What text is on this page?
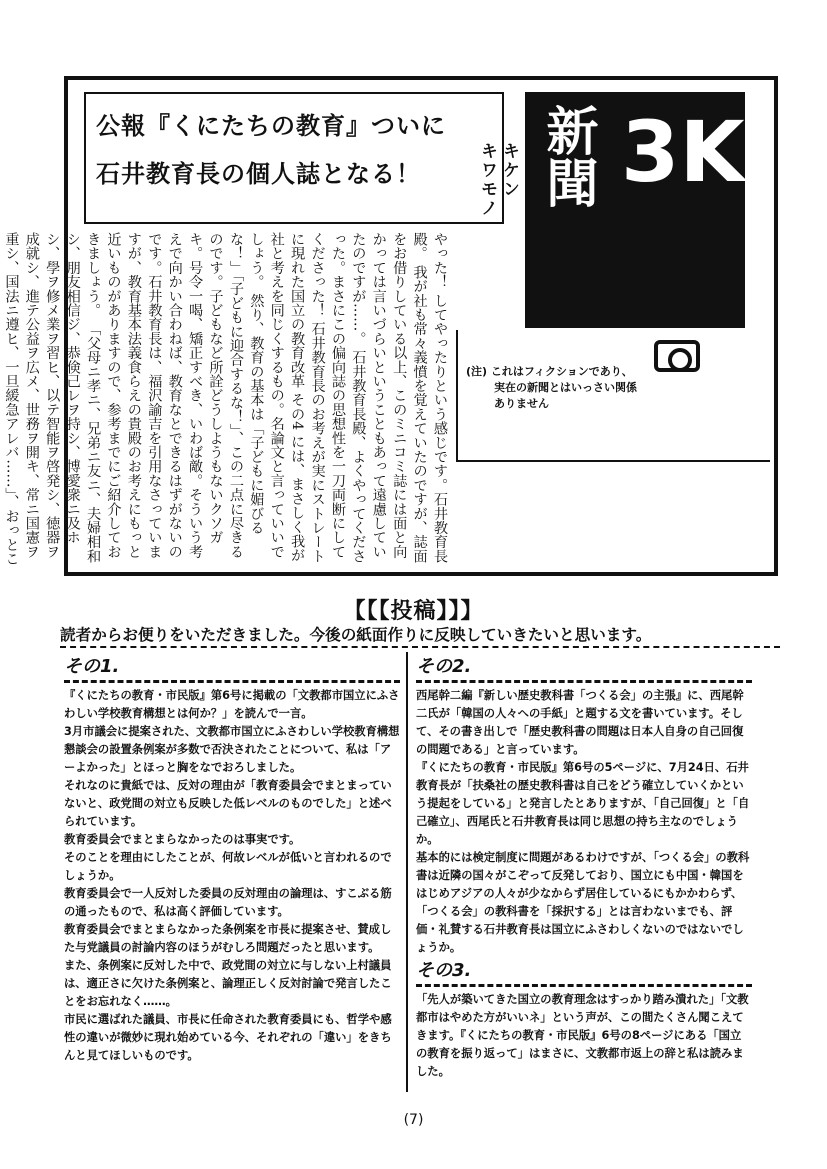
公報『くにたちの教育』ついに
石井教育長の個人誌となる！

やった！ してやったりという感じです。石井教育長殿。 我が社も常々義憤を覚えていたのですが、誌面をお借りしている以上、このミニコミ誌には面と向かっては言いづらいということもあって遠慮していたのですが……。 石井教育長殿、よくやってくださった。まさにこの偏向誌の思想性を一刀両断にしてくださった！ 石井教育長のお考えが実にストレートに現れた国立の教育改革 その4 には、まさしく我が社と考えを同じくするもの。名論文と言っていいでしょう。 然り、教育の基本は「子どもに媚びるな！」「子どもに迎合するな！」、この二点に尽きるのです。子どもなど所詮どうしようもないクソガキ。号令一喝、矯正すべき、いわば敵。そういう考えで向かい合わねば、教育なとできるはずがないのです。石井教育長は、福沢諭吉を引用なさっていますが、教育基本法義食らえの貴殿のお考えにもっと近いものがありますので、参考までにご紹介しておきましょう。 「父母ニ孝ニ、兄弟ニ友ニ、夫婦相和シ、朋友相信ジ、恭倹己レヲ持シ、博愛衆ニ及ホシ、學ヲ修メ業ヲ習ヒ、以テ智能ヲ啓発シ、徳器ヲ成就シ、進テ公益ヲ広メ、世務ヲ開キ、常ニ国憲ヲ重シ、国法ニ遵ヒ、一旦緩急アレバ……」、おっとこ

キケン
キワモノ 新聞 3K
(注) これはフィクションであり、
実在の新聞とはいっさい関係
ありません
【【【投稿】】】
読者からお便りをいただきました。今後の紙面作りに反映していきたいと思います。
その1.

『くにたちの教育・市民版』第6号に掲載の「文教都市国立にふさわしい学校教育構想とは何か？」を読んで一言。

3月市議会に提案された、文教都市国立にふさわしい学校教育構想懇談会の設置条例案が多数で否決されたことについて、私は「アーよかった」とほっと胸をなでおろしました。

それなのに貴紙では、反対の理由が「教育委員会でまとまっていないと、政党間の対立も反映した低レベルのものでした」と述べられています。

教育委員会でまとまらなかったのは事実です。

そのことを理由にしたことが、何故レベルが低いと言われるのでしょうか。

教育委員会で一人反対した委員の反対理由の論理は、すこぶる筋の通ったもので、私は高く評価しています。

教育委員会でまとまらなかった条例案を市長に提案させ、賛成した与党議員の討論内容のほうがむしろ問題だったと思います。

また、条例案に反対した中で、政党間の対立に与しない上村議員は、適正さに欠けた条例案と、論理正しく反対討論で発言したことをお忘れなく……。

市民に選ばれた議員、市長に任命された教育委員にも、哲学や感性の違いが微妙に現れ始めている今、それぞれの「違い」をきちんと見てほしいものです。

その2.

西尾幹二編『新しい歴史教科書「つくる会」の主張』に、西尾幹二氏が「韓国の人々への手紙」と題する文を書いています。そして、その書き出しで「歴史教科書の問題は日本人自身の自己回復の問題である」と言っています。

『くにたちの教育・市民版』第6号の5ページに、7月24日、石井教育長が「扶桑社の歴史教科書は自己をどう確立していくかという提起をしている」と発言したとありますが、「自己回復」と「自己確立」、西尾氏と石井教育長は同じ思想の持ち主なのでしょうか。

基本的には検定制度に問題があるわけですが、「つくる会」の教科書は近隣の国々がこぞって反発しており、国立にも中国・韓国をはじめアジアの人々が少なからず居住しているにもかかわらず、「つくる会」の教科書を「採択する」とは言わないまでも、評価・礼賛する石井教育長は国立にふさわしくないのではないでしょうか。

その3.

「先人が築いてきた国立の教育理念はすっかり踏み潰れた」「文教都市はやめた方がいいネ」という声が、この間たくさん聞こえてきます。『くにたちの教育・市民版』6号の8ページにある「国立の教育を振り返って」はまさに、文教都市返上の辞と私は読みました。

(7)
